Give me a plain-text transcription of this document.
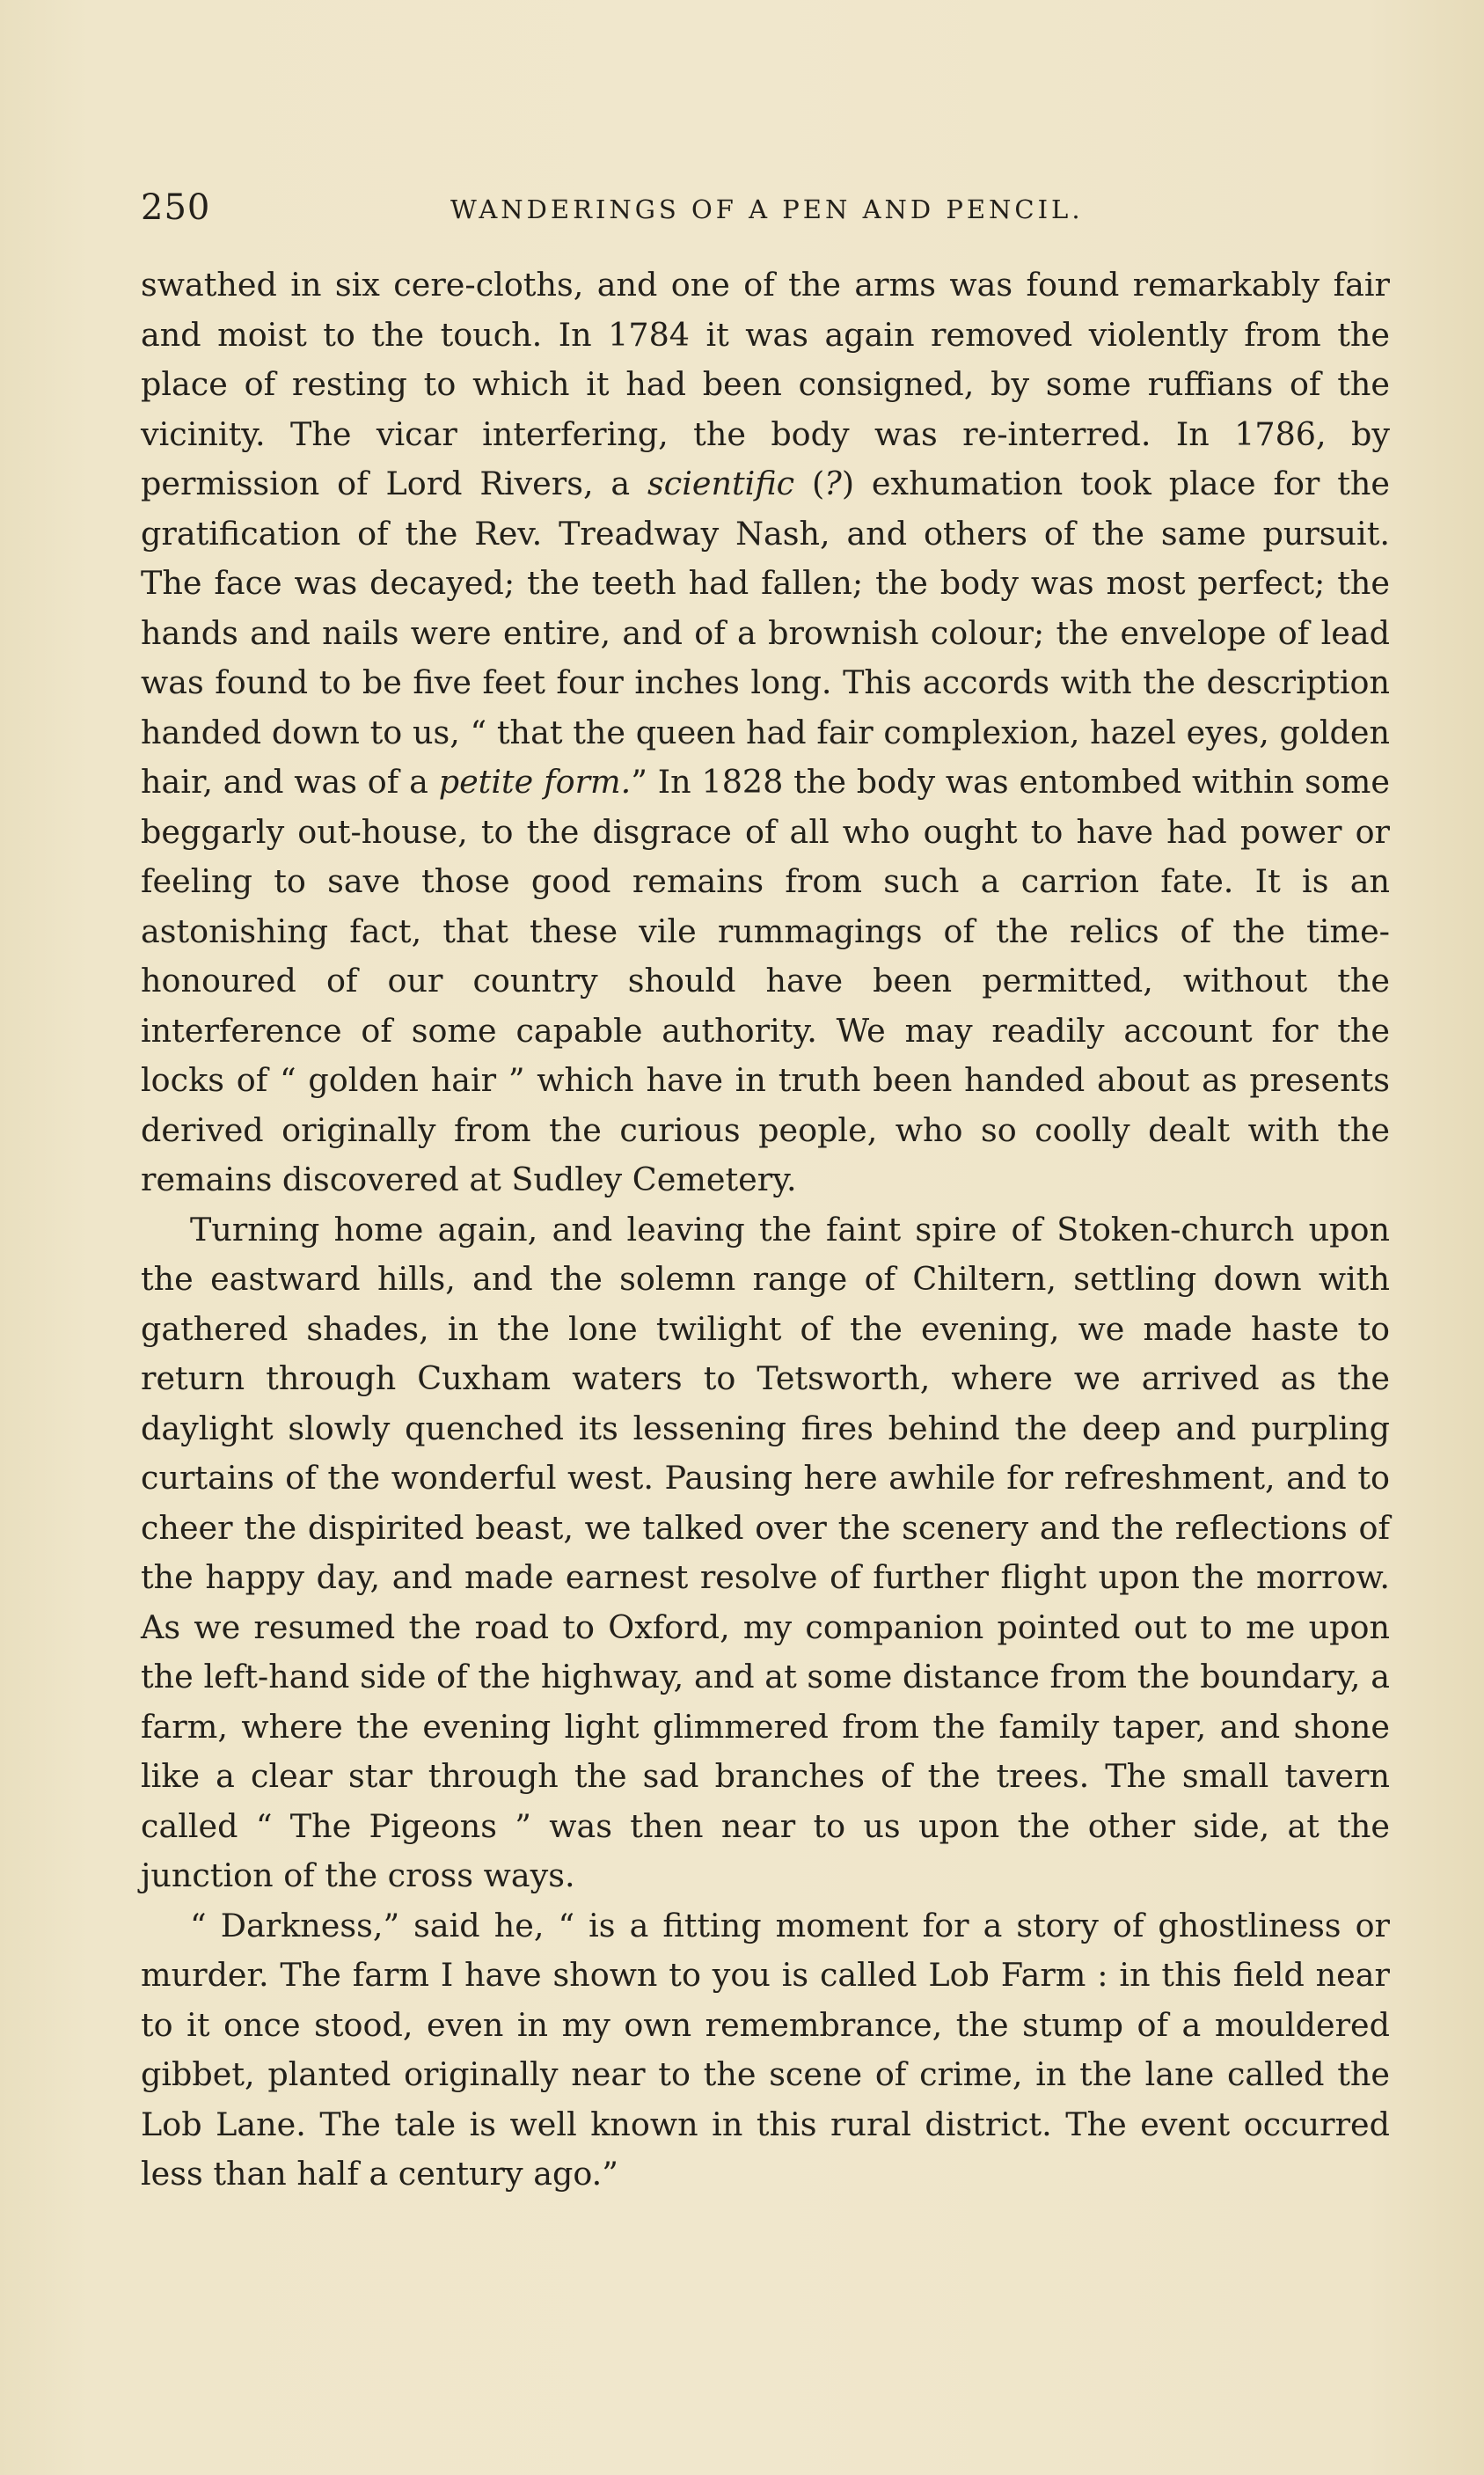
250	WANDERINGS OF A PEN AND PENCIL.

swathed in six cere-cloths, and one of the arms was found remarkably fair and moist to the touch. In 1784 it was again removed violently from the place of resting to which it had been consigned, by some ruffians of the vicinity. The vicar interfering, the body was re-interred. In 1786, by permission of Lord Rivers, a scientific (?) exhumation took place for the gratification of the Rev. Treadway Nash, and others of the same pursuit. The face was decayed; the teeth had fallen; the body was most perfect; the hands and nails were entire, and of a brownish colour; the envelope of lead was found to be five feet four inches long. This accords with the description handed down to us, “ that the queen had fair complexion, hazel eyes, golden hair, and was of a petite form.” In 1828 the body was entombed within some beggarly out-house, to the disgrace of all who ought to have had power or feeling to save those good remains from such a carrion fate. It is an astonishing fact, that these vile rummagings of the relics of the time-honoured of our country should have been permitted, without the interference of some capable authority. We may readily account for the locks of “ golden hair ” which have in truth been handed about as presents derived originally from the curious people, who so coolly dealt with the remains discovered at Sudley Cemetery.

Turning home again, and leaving the faint spire of Stoken-church upon the eastward hills, and the solemn range of Chiltern, settling down with gathered shades, in the lone twilight of the evening, we made haste to return through Cuxham waters to Tetsworth, where we arrived as the daylight slowly quenched its lessening fires behind the deep and purpling curtains of the wonderful west. Pausing here awhile for refreshment, and to cheer the dispirited beast, we talked over the scenery and the reflections of the happy day, and made earnest resolve of further flight upon the morrow. As we resumed the road to Oxford, my companion pointed out to me upon the left-hand side of the highway, and at some distance from the boundary, a farm, where the evening light glimmered from the family taper, and shone like a clear star through the sad branches of the trees. The small tavern called “ The Pigeons ” was then near to us upon the other side, at the junction of the cross ways.

“ Darkness,” said he, “ is a fitting moment for a story of ghostliness or murder. The farm I have shown to you is called Lob Farm : in this field near to it once stood, even in my own remembrance, the stump of a mouldered gibbet, planted originally near to the scene of crime, in the lane called the Lob Lane. The tale is well known in this rural district. The event occurred less than half a century ago.”
